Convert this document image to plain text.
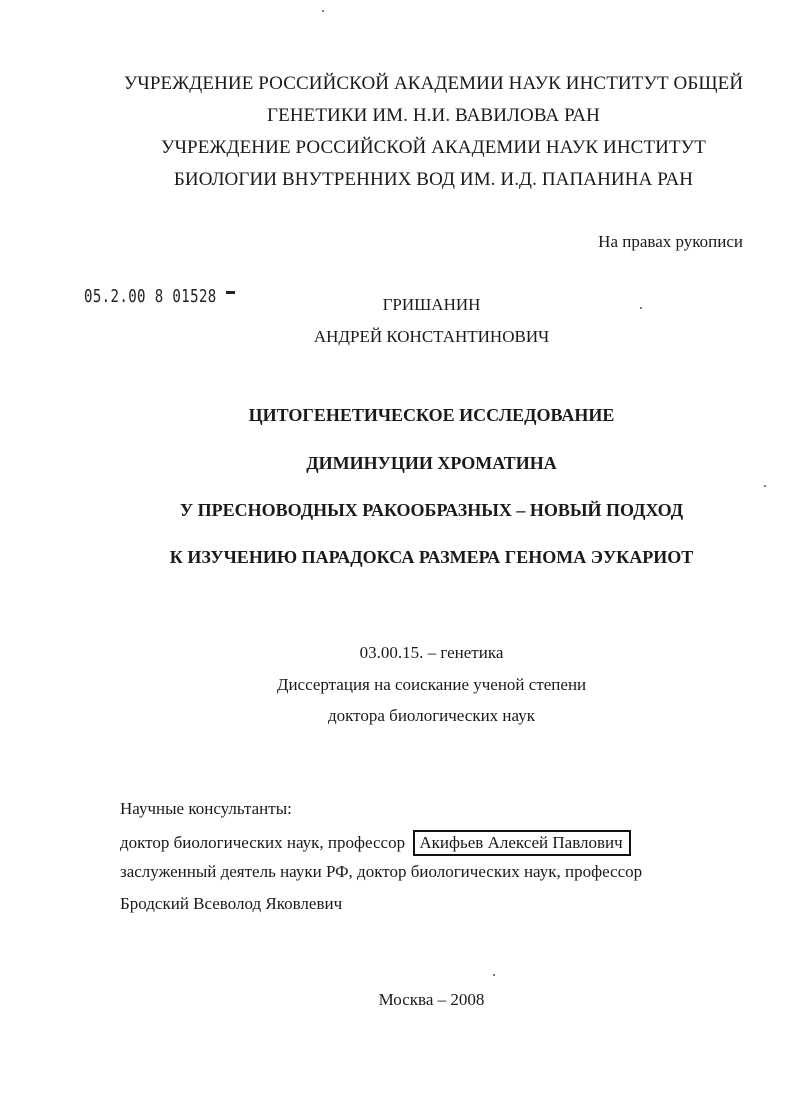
УЧРЕЖДЕНИЕ РОССИЙСКОЙ АКАДЕМИИ НАУК ИНСТИТУТ ОБЩЕЙ
ГЕНЕТИКИ ИМ. Н.И. ВАВИЛОВА РАН
УЧРЕЖДЕНИЕ РОССИЙСКОЙ АКАДЕМИИ НАУК ИНСТИТУТ
БИОЛОГИИ ВНУТРЕННИХ ВОД ИМ. И.Д. ПАПАНИНА РАН
На правах рукописи
05.2.00 8 01528	ГРИШАНИН
АНДРЕЙ КОНСТАНТИНОВИЧ
ЦИТОГЕНЕТИЧЕСКОЕ ИССЛЕДОВАНИЕ
ДИМИНУЦИИ ХРОМАТИНА
У ПРЕСНОВОДНЫХ РАКООБРАЗНЫХ – НОВЫЙ ПОДХОД
К ИЗУЧЕНИЮ ПАРАДОКСА РАЗМЕРА ГЕНОМА ЭУКАРИОТ
03.00.15. – генетика
Диссертация на соискание ученой степени
доктора биологических наук
Научные консультанты:
доктор биологических наук, профессор Акифьев Алексей Павлович
заслуженный деятель науки РФ, доктор биологических наук, профессор
Бродский Всеволод Яковлевич
Москва – 2008
